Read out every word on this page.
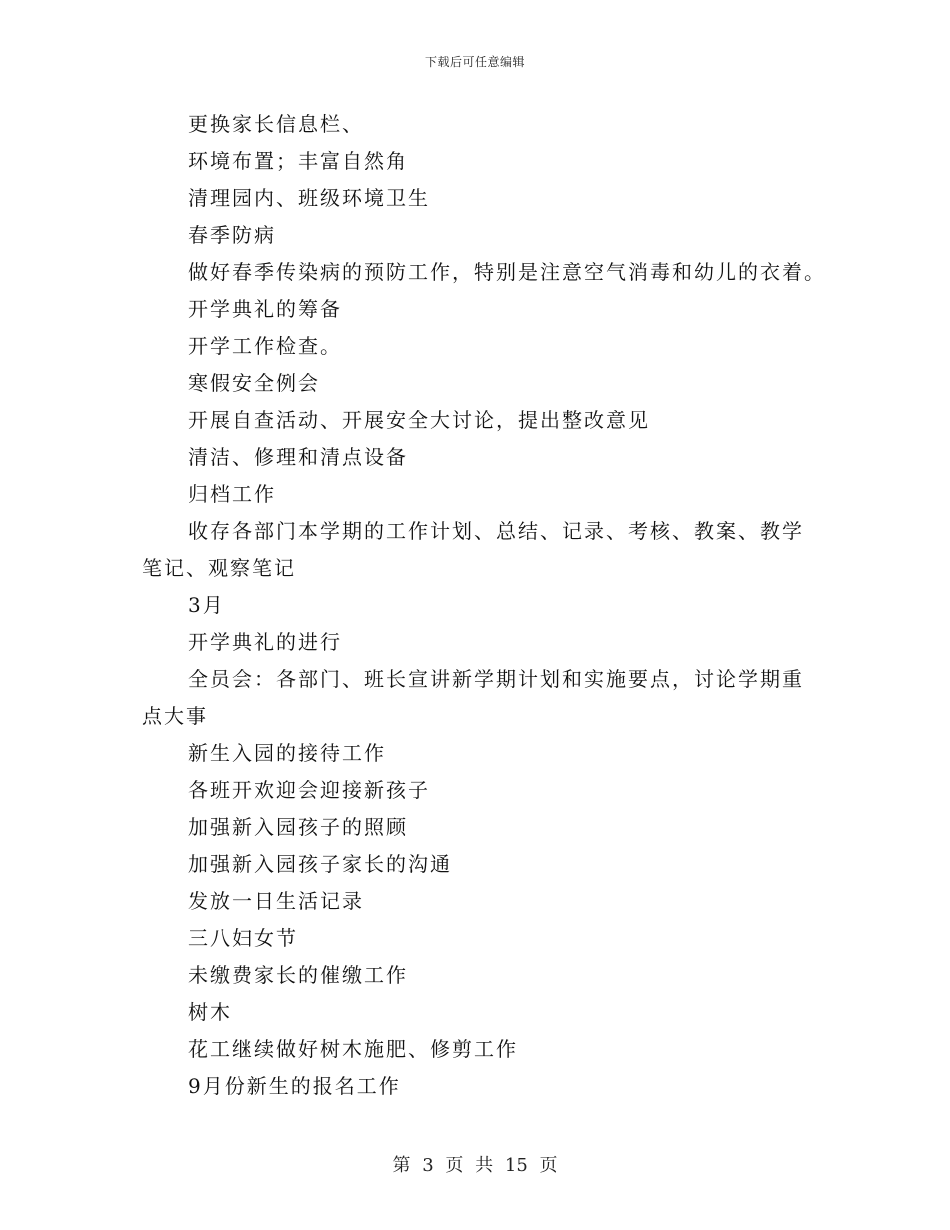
下载后可任意编辑
更换家长信息栏、
环境布置；丰富自然角
清理园内、班级环境卫生
春季防病
做好春季传染病的预防工作，特别是注意空气消毒和幼儿的衣着。
开学典礼的筹备
开学工作检查。
寒假安全例会
开展自查活动、开展安全大讨论，提出整改意见
清洁、修理和清点设备
归档工作
收存各部门本学期的工作计划、总结、记录、考核、教案、教学
笔记、观察笔记
3月
开学典礼的进行
全员会：各部门、班长宣讲新学期计划和实施要点，讨论学期重
点大事
新生入园的接待工作
各班开欢迎会迎接新孩子
加强新入园孩子的照顾
加强新入园孩子家长的沟通
发放一日生活记录
三八妇女节
未缴费家长的催缴工作
树木
花工继续做好树木施肥、修剪工作
9月份新生的报名工作
第 3 页 共 15 页
